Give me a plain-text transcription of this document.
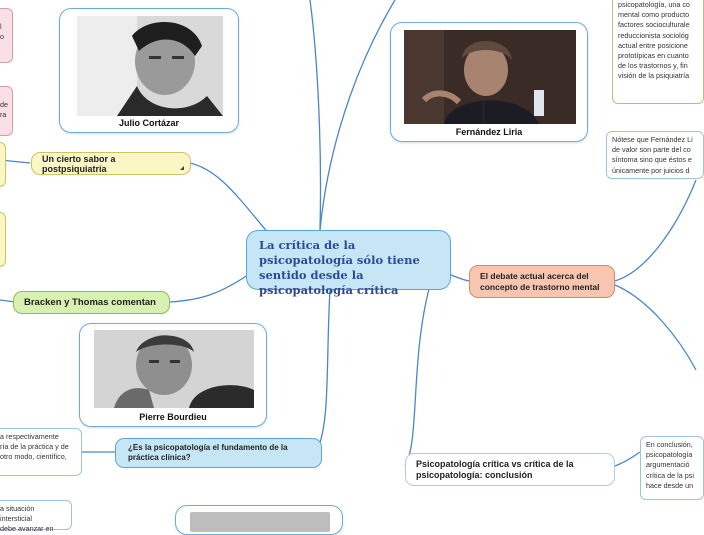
La crítica de la psicopatología sólo tiene sentido desde la psicopatología crítica
Julio Cortázar
Fernández Liria
Pierre Bourdieu
Un cierto sabor a postpsiquiatría
Bracken y Thomas comentan
¿Es la psicopatología el fundamento de la práctica clínica?
El debate actual acerca del concepto de trastorno mental
Psicopatología crítica vs crítica de la psicopatología: conclusión
psicopatología, una co
mental como producto
factores socioculturale
reduccionista sociológ
actual entre posicione
prototípicas en cuanto
de los trastornos y, fin
visión de la psiquiatría
Nótese que Fernández Li
de valor son parte del co
síntoma sino que éstos e
únicamente por juicios d
En conclusión,
psicopatología
argumentació
crítica de la psi
hace desde un
a respectivamente
ría de la práctica y de
otro modo, científico,
a situación intersticial
debe avanzar en
l
o
de
ra
